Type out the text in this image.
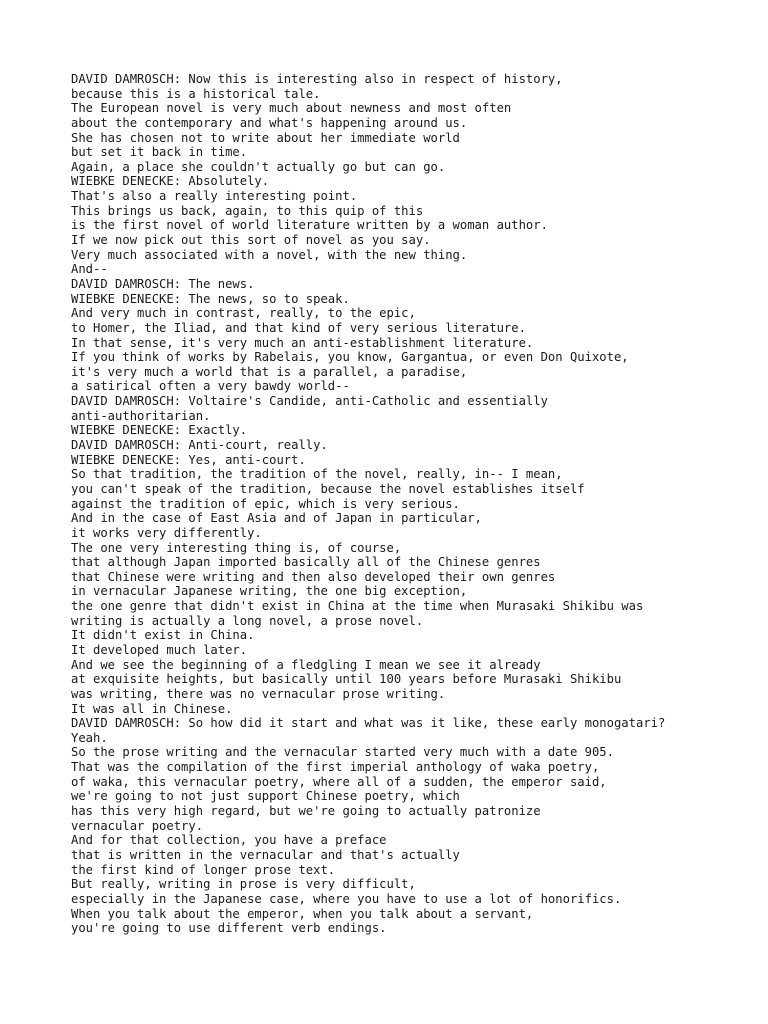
DAVID DAMROSCH: Now this is interesting also in respect of history,
because this is a historical tale.
The European novel is very much about newness and most often
about the contemporary and what's happening around us.
She has chosen not to write about her immediate world
but set it back in time.
Again, a place she couldn't actually go but can go.
WIEBKE DENECKE: Absolutely.
That's also a really interesting point.
This brings us back, again, to this quip of this
is the first novel of world literature written by a woman author.
If we now pick out this sort of novel as you say.
Very much associated with a novel, with the new thing.
And--
DAVID DAMROSCH: The news.
WIEBKE DENECKE: The news, so to speak.
And very much in contrast, really, to the epic,
to Homer, the Iliad, and that kind of very serious literature.
In that sense, it's very much an anti-establishment literature.
If you think of works by Rabelais, you know, Gargantua, or even Don Quixote,
it's very much a world that is a parallel, a paradise,
a satirical often a very bawdy world--
DAVID DAMROSCH: Voltaire's Candide, anti-Catholic and essentially
anti-authoritarian.
WIEBKE DENECKE: Exactly.
DAVID DAMROSCH: Anti-court, really.
WIEBKE DENECKE: Yes, anti-court.
So that tradition, the tradition of the novel, really, in-- I mean,
you can't speak of the tradition, because the novel establishes itself
against the tradition of epic, which is very serious.
And in the case of East Asia and of Japan in particular,
it works very differently.
The one very interesting thing is, of course,
that although Japan imported basically all of the Chinese genres
that Chinese were writing and then also developed their own genres
in vernacular Japanese writing, the one big exception,
the one genre that didn't exist in China at the time when Murasaki Shikibu was
writing is actually a long novel, a prose novel.
It didn't exist in China.
It developed much later.
And we see the beginning of a fledgling I mean we see it already
at exquisite heights, but basically until 100 years before Murasaki Shikibu
was writing, there was no vernacular prose writing.
It was all in Chinese.
DAVID DAMROSCH: So how did it start and what was it like, these early monogatari?
Yeah.
So the prose writing and the vernacular started very much with a date 905.
That was the compilation of the first imperial anthology of waka poetry,
of waka, this vernacular poetry, where all of a sudden, the emperor said,
we're going to not just support Chinese poetry, which
has this very high regard, but we're going to actually patronize
vernacular poetry.
And for that collection, you have a preface
that is written in the vernacular and that's actually
the first kind of longer prose text.
But really, writing in prose is very difficult,
especially in the Japanese case, where you have to use a lot of honorifics.
When you talk about the emperor, when you talk about a servant,
you're going to use different verb endings.
